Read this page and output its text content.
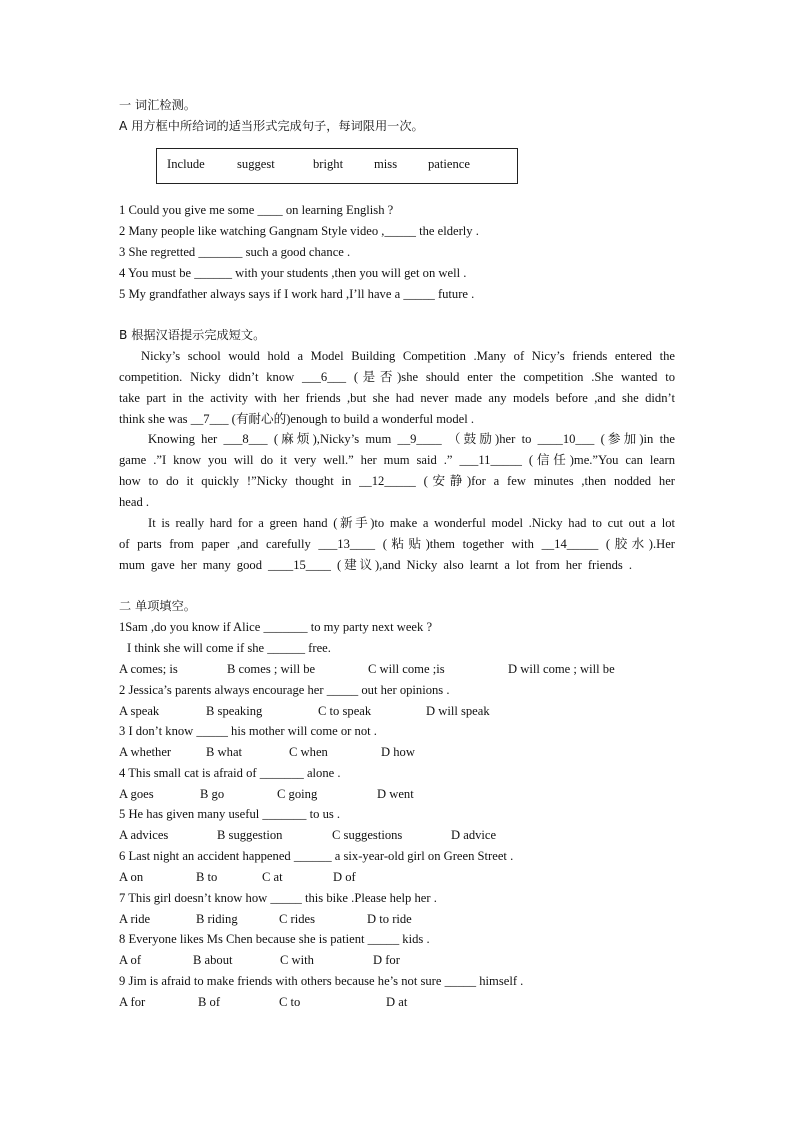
一 词汇检测。
A 用方框中所给词的适当形式完成句子，每词限用一次。
Include	suggest	bright miss patience
1 Could you give me some ____ on learning English ?
2 Many people like watching Gangnam Style video ,_____ the elderly .
3 She regretted _______ such a good chance .
4 You must be ______ with your students ,then you will get on well .
5 My grandfather always says if I work hard ,I’ll have a _____ future .
B 根据汉语提示完成短文。
Nicky’s school would hold a Model Building Competition .Many of Nicy’s friends entered the
competition. Nicky didn’t know ___6___ (是否)she should enter the competition .She wanted to
take part in the activity with her friends ,but she had never made any models before ,and she didn’t
think she was __7___ (有耐心的)enough to build a wonderful model .
Knowing her ___8___ (麻烦),Nicky’s mum __9____ （鼓励)her to ____10___ (参加)in the
game .”I know you will do it very well.” her mum said .” ___11_____ (信任)me.”You can learn
how to do it quickly !”Nicky thought in __12_____ (安静)for a few minutes ,then nodded her
head .
It is really hard for a green hand (新手)to make a wonderful model .Nicky had to cut out a lot
of parts from paper ,and carefully ___13____ (粘贴)them together with __14_____ (胶水).Her
mum gave her many good ____15____ (建议),and Nicky also learnt a lot from her friends .
二 单项填空。
1Sam ,do you know if Alice _______ to my party next week ?
I think she will come if she ______ free.
A comes; is	B comes ; will be	C will come ;is	D will come ; will be
2 Jessica’s parents always encourage her _____ out her opinions .
A speak	B speaking	C to speak	D will speak
3 I don’t know _____ his mother will come or not .
A whether	B what	C when	D how
4 This small cat is afraid of _______ alone .
A goes	B go	C going	D went
5 He has given many useful _______ to us .
A advices	B suggestion	C suggestions	D advice
6 Last night an accident happened ______ a six-year-old girl on Green Street .
A on	B to	C at	D of
7 This girl doesn’t know how _____ this bike .Please help her .
A ride	B riding	C rides	D to ride
8 Everyone likes Ms Chen because she is patient _____ kids .
A of	B about	C with	D for
9 Jim is afraid to make friends with others because he’s not sure _____ himself .
A for	B of	C to	D at
